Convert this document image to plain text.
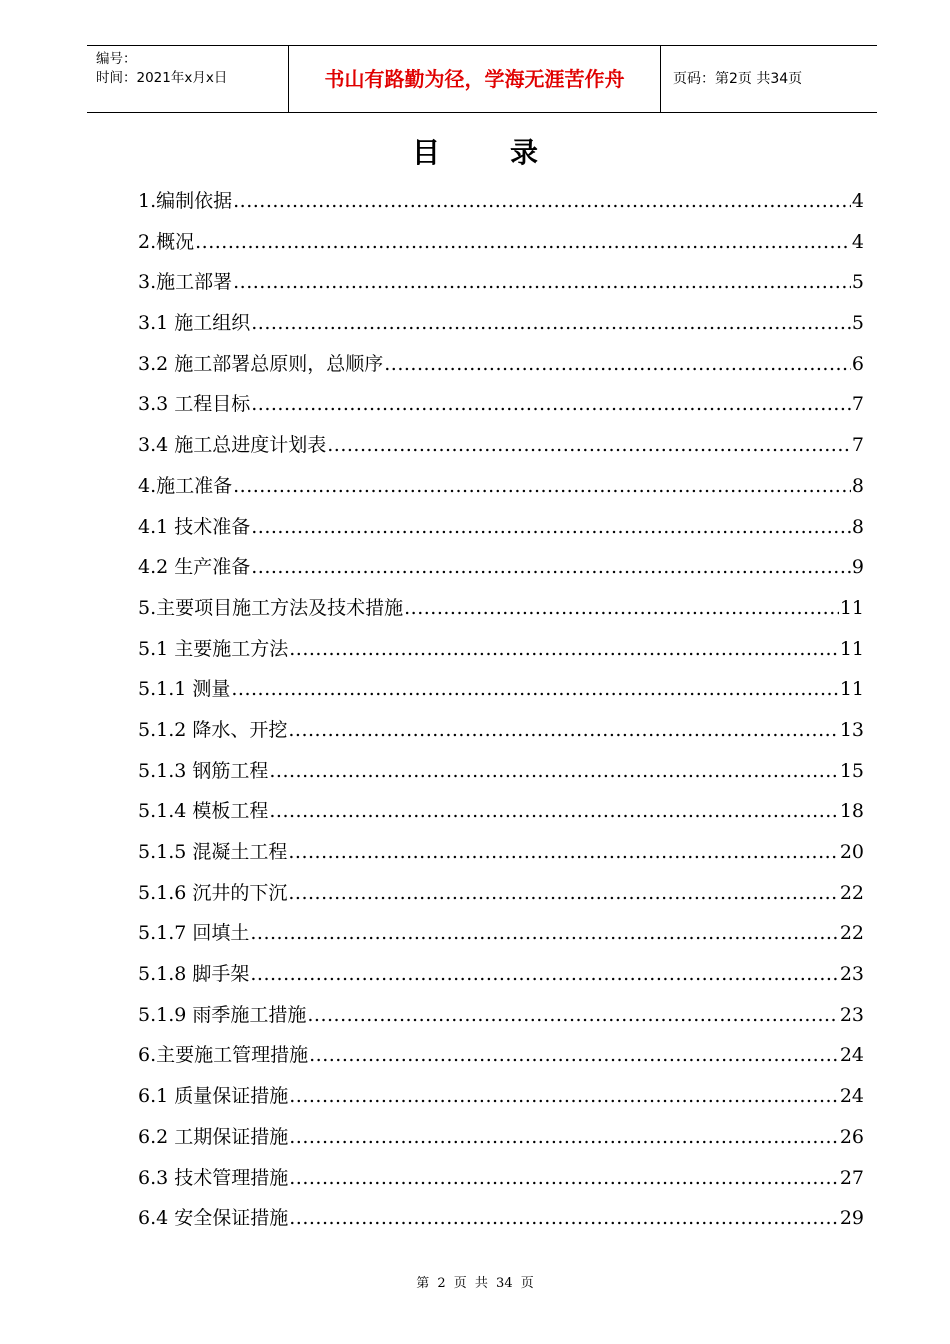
编号：
时间：2021年x月x日	书山有路勤为径，学海无涯苦作舟	页码：第2页 共34页
目录
1.编制依据 .....	4
2.概况 .....	4
3.施工部署 .....	5
3.1 施工组织 .....	5
3.2 施工部署总原则，总顺序 .....	6
3.3 工程目标 .....	7
3.4 施工总进度计划表 .....	7
4.施工准备 .....	8
4.1 技术准备 .....	8
4.2 生产准备 .....	9
5.主要项目施工方法及技术措施 .....	11
5.1 主要施工方法 .....	11
5.1.1 测量 .....	11
5.1.2 降水、开挖 .....	13
5.1.3 钢筋工程 .....	15
5.1.4 模板工程 .....	18
5.1.5 混凝土工程 .....	20
5.1.6 沉井的下沉 .....	22
5.1.7 回填土 .....	22
5.1.8 脚手架 .....	23
5.1.9 雨季施工措施 .....	23
6.主要施工管理措施 .....	24
6.1 质量保证措施 .....	24
6.2 工期保证措施 .....	26
6.3 技术管理措施 .....	27
6.4 安全保证措施 .....	29
第 2 页 共 34 页
